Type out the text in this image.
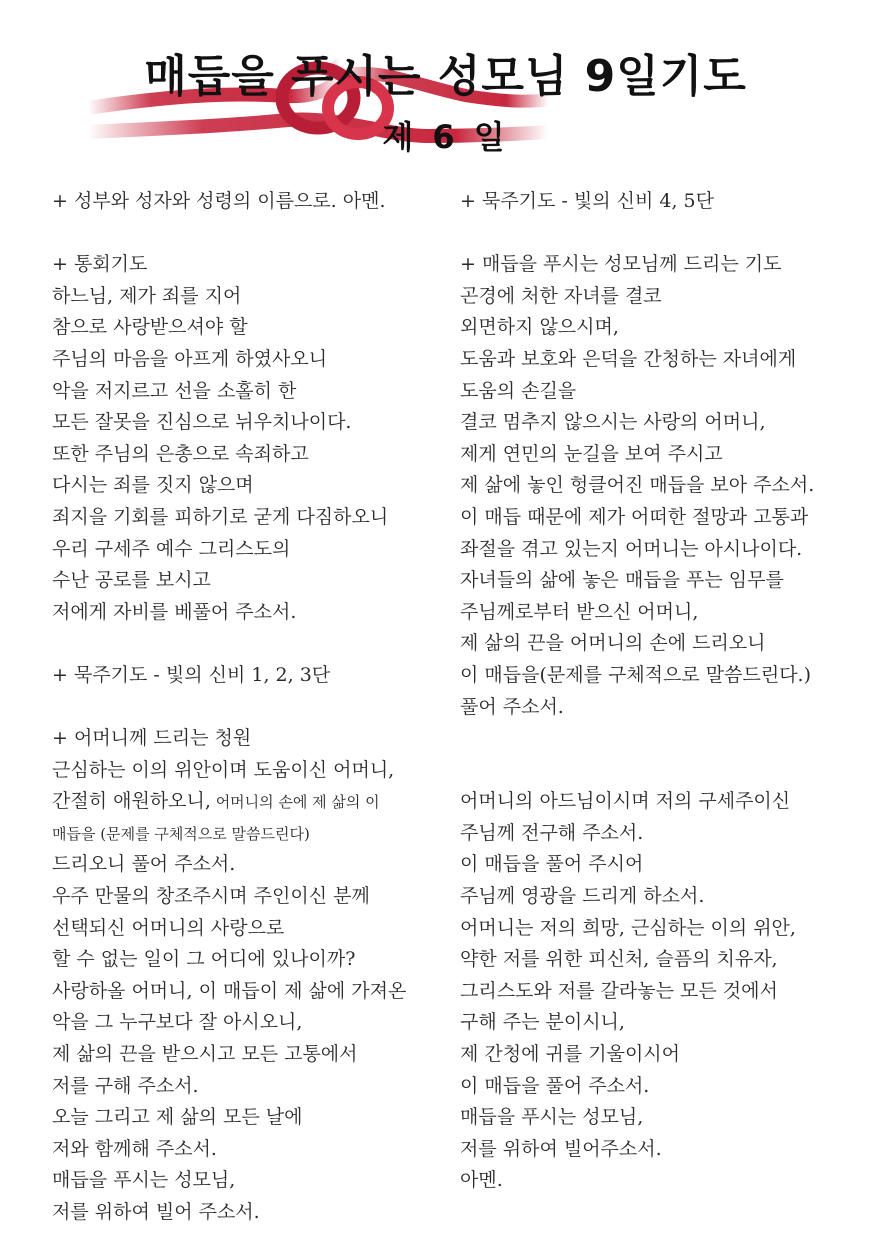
매듭을 푸시는 성모님 9일기도
제 6 일
+ 성부와 성자와 성령의 이름으로. 아멘.
+ 통회기도
하느님, 제가 죄를 지어
참으로 사랑받으셔야 할
주님의 마음을 아프게 하였사오니
악을 저지르고 선을 소홀히 한
모든 잘못을 진심으로 뉘우치나이다.
또한 주님의 은총으로 속죄하고
다시는 죄를 짓지 않으며
죄지을 기회를 피하기로 굳게 다짐하오니
우리 구세주 예수 그리스도의
수난 공로를 보시고
저에게 자비를 베풀어 주소서.
+ 묵주기도 - 빛의 신비 1, 2, 3단
+ 어머니께 드리는 청원
근심하는 이의 위안이며 도움이신 어머니,
간절히 애원하오니, 어머니의 손에 제 삶의 이
매듭을 (문제를 구체적으로 말씀드린다)
드리오니 풀어 주소서.
우주 만물의 창조주시며 주인이신 분께
선택되신 어머니의 사랑으로
할 수 없는 일이 그 어디에 있나이까?
사랑하올 어머니, 이 매듭이 제 삶에 가져온
악을 그 누구보다 잘 아시오니,
제 삶의 끈을 받으시고 모든 고통에서
저를 구해 주소서.
오늘 그리고 제 삶의 모든 날에
저와 함께해 주소서.
매듭을 푸시는 성모님,
저를 위하여 빌어 주소서.
+ 묵주기도 - 빛의 신비 4, 5단
+ 매듭을 푸시는 성모님께 드리는 기도
곤경에 처한 자녀를 결코
외면하지 않으시며,
도움과 보호와 은덕을 간청하는 자녀에게
도움의 손길을
결코 멈추지 않으시는 사랑의 어머니,
제게 연민의 눈길을 보여 주시고
제 삶에 놓인 헝클어진 매듭을 보아 주소서.
이 매듭 때문에 제가 어떠한 절망과 고통과
좌절을 겪고 있는지 어머니는 아시나이다.
자녀들의 삶에 놓은 매듭을 푸는 임무를
주님께로부터 받으신 어머니,
제 삶의 끈을 어머니의 손에 드리오니
이 매듭을(문제를 구체적으로 말씀드린다.)
풀어 주소서.
어머니의 아드님이시며 저의 구세주이신
주님께 전구해 주소서.
이 매듭을 풀어 주시어
주님께 영광을 드리게 하소서.
어머니는 저의 희망, 근심하는 이의 위안,
약한 저를 위한 피신처, 슬픔의 치유자,
그리스도와 저를 갈라놓는 모든 것에서
구해 주는 분이시니,
제 간청에 귀를 기울이시어
이 매듭을 풀어 주소서.
매듭을 푸시는 성모님,
저를 위하여 빌어주소서.
아멘.
